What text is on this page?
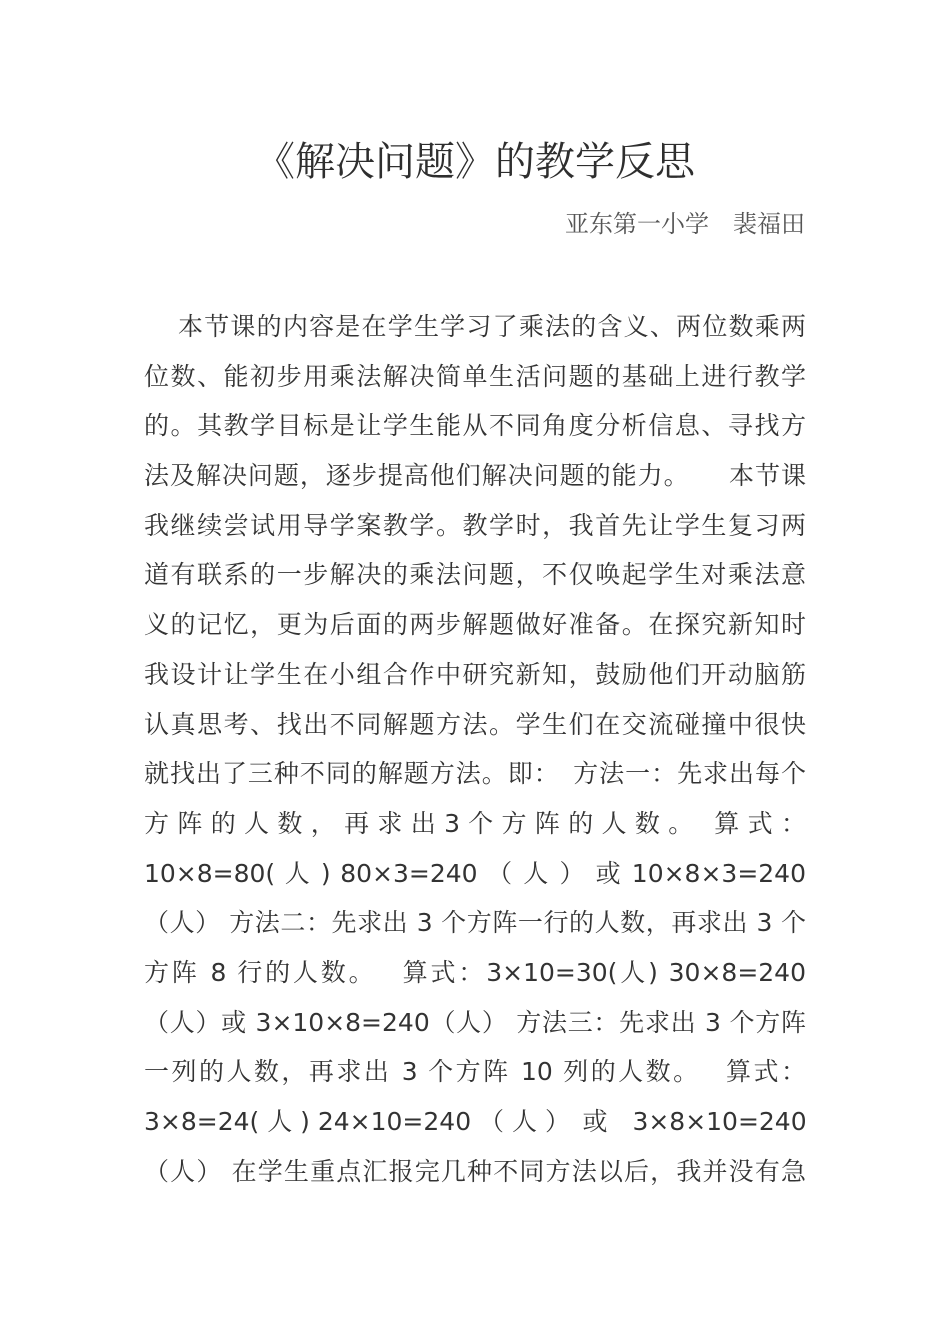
《解决问题》的教学反思
亚东第一小学　裴福田
本节课的内容是在学生学习了乘法的含义、两位数乘两
位数、能初步用乘法解决简单生活问题的基础上进行教学
的。其教学目标是让学生能从不同角度分析信息、寻找方
法及解决问题，逐步提高他们解决问题的能力。　　本节课
我继续尝试用导学案教学。教学时，我首先让学生复习两
道有联系的一步解决的乘法问题，不仅唤起学生对乘法意
义的记忆，更为后面的两步解题做好准备。在探究新知时
我设计让学生在小组合作中研究新知，鼓励他们开动脑筋
认真思考、找出不同解题方法。学生们在交流碰撞中很快
就找出了三种不同的解题方法。即：　方法一：先求出每个
方 阵 的 人 数 ， 再 求 出 3 个 方 阵 的 人 数 。　 算 式 ：
10×8=80( 人 ) 80×3=240 （ 人 ） 或 10×8×3=240
（人） 方法二：先求出 3 个方阵一行的人数，再求出 3 个
方阵 8 行的人数。　 算式：3×10=30(人) 30×8=240
（人）或 3×10×8=240（人） 方法三：先求出 3 个方阵
一列的人数，再求出 3 个方阵 10 列的人数。　 算式：
3×8=24( 人 ) 24×10=240 （ 人 ）　或　3×8×10=240
（人） 在学生重点汇报完几种不同方法以后，我并没有急
